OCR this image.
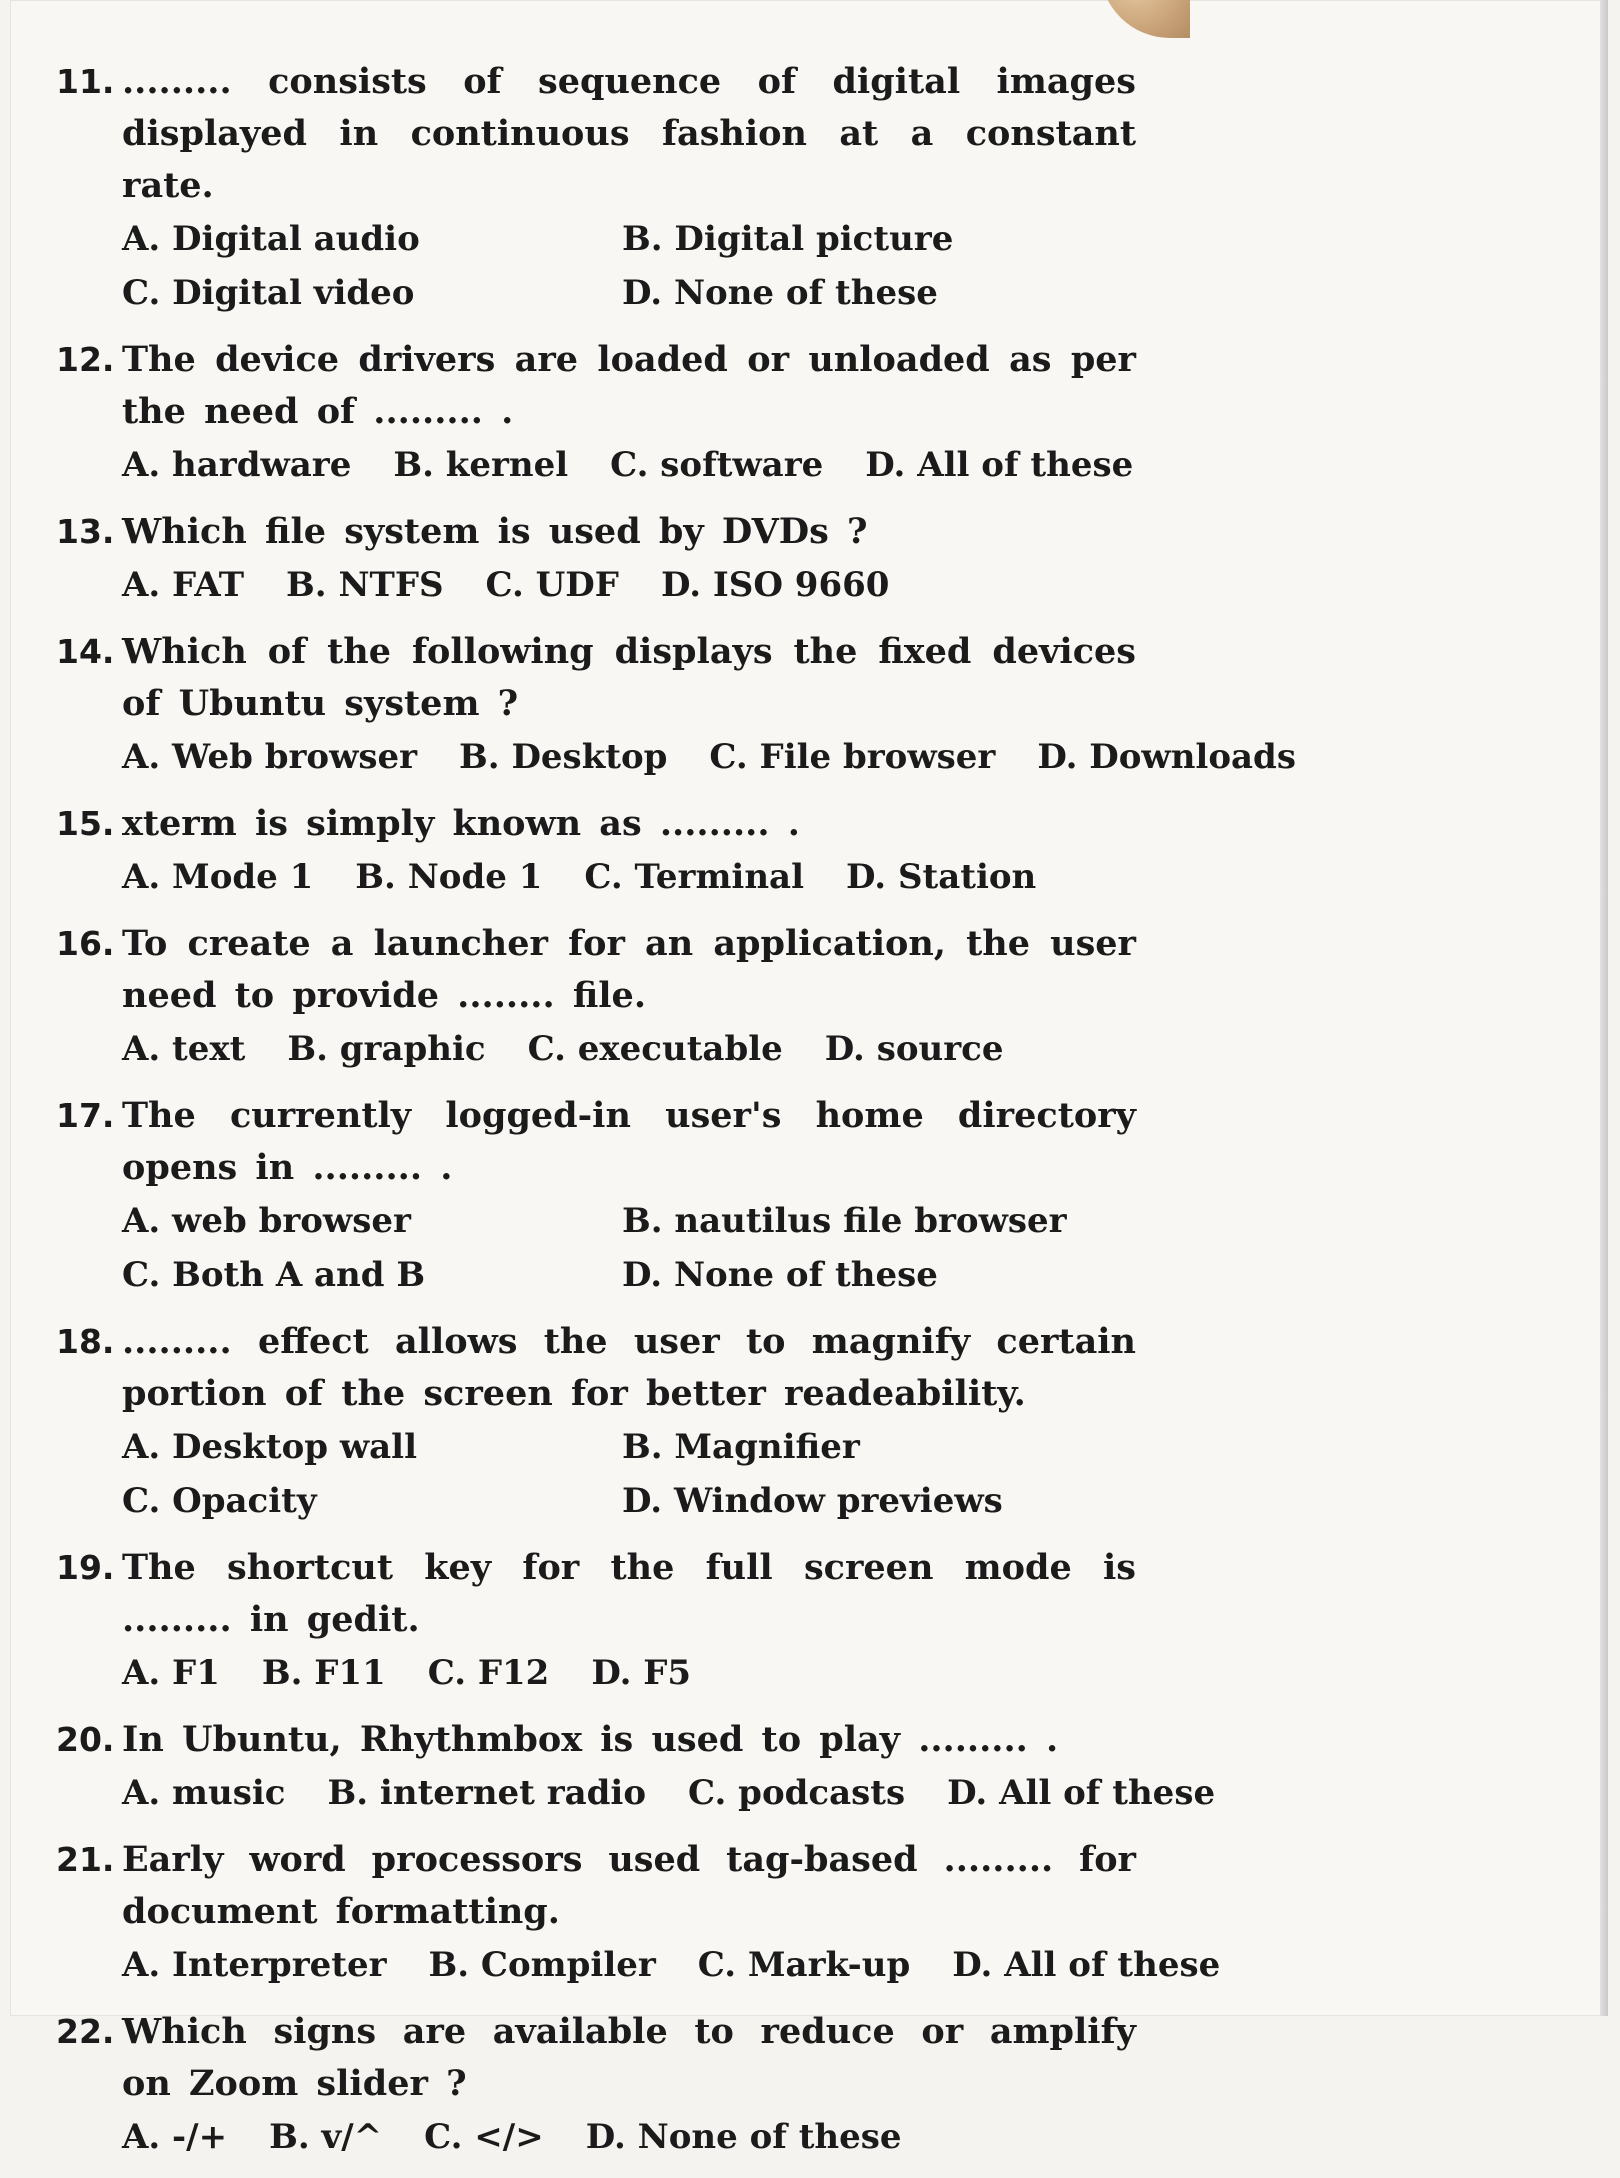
11. ......... consists of sequence of digital images displayed in continuous fashion at a constant rate.
A. Digital audio	B. Digital picture
C. Digital video	D. None of these
12. The device drivers are loaded or unloaded as per the need of ......... .
A. hardware B. kernel C. software D. All of these
13. Which file system is used by DVDs ?
A. FAT B. NTFS C. UDF D. ISO 9660
14. Which of the following displays the fixed devices of Ubuntu system ?
A. Web browser B. Desktop C. File browser D. Downloads
15. xterm is simply known as ......... .
A. Mode 1 B. Node 1 C. Terminal D. Station
16. To create a launcher for an application, the user need to provide ........ file.
A. text B. graphic C. executable D. source
17. The currently logged-in user's home directory opens in ......... .
A. web browser	B. nautilus file browser
C. Both A and B	D. None of these
18. ......... effect allows the user to magnify certain portion of the screen for better readeability.
A. Desktop wall	B. Magnifier
C. Opacity	D. Window previews
19. The shortcut key for the full screen mode is ......... in gedit.
A. F1 B. F11 C. F12 D. F5
20. In Ubuntu, Rhythmbox is used to play ......... .
A. music B. internet radio C. podcasts D. All of these
21. Early word processors used tag-based ......... for document formatting.
A. Interpreter B. Compiler C. Mark-up D. All of these
22. Which signs are available to reduce or amplify on Zoom slider ?
A. -/+ B. v/^ C. </> D. None of these
